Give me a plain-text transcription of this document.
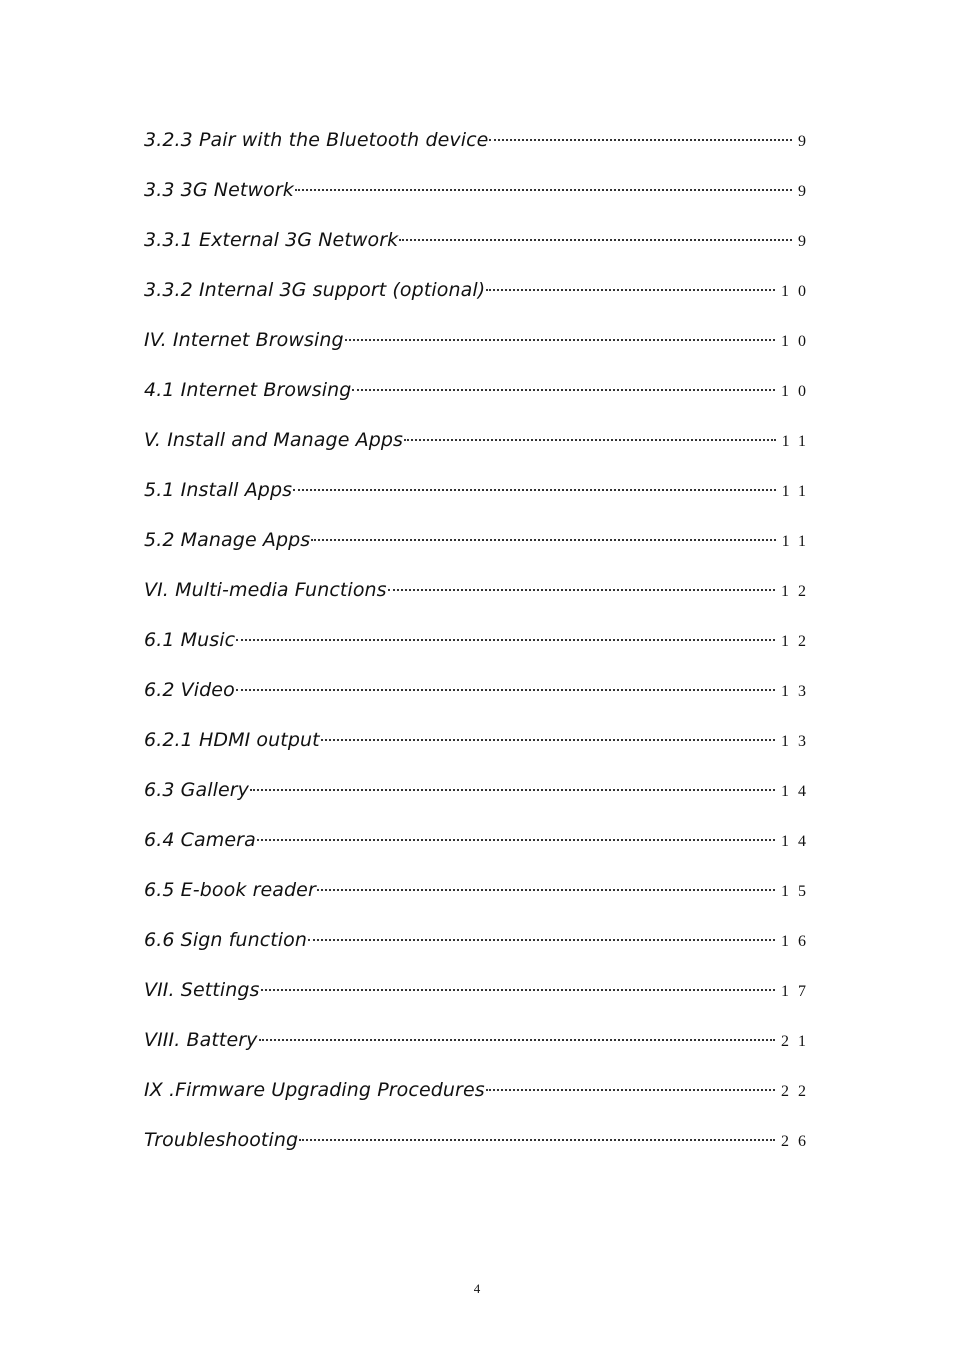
3.2.3 Pair with the Bluetooth device	9
3.3 3G Network	9
3.3.1 External 3G Network	9
3.3.2 Internal 3G support (optional)	10
IV. Internet Browsing	10
4.1 Internet Browsing	10
V. Install and Manage Apps	11
5.1 Install Apps	11
5.2 Manage Apps	11
VI. Multi-media Functions	12
6.1 Music	12
6.2 Video	13
6.2.1 HDMI output	13
6.3 Gallery	14
6.4 Camera	14
6.5 E-book reader	15
6.6 Sign function	16
VII. Settings	17
VIII. Battery	21
IX .Firmware Upgrading Procedures	22
Troubleshooting	26
4
